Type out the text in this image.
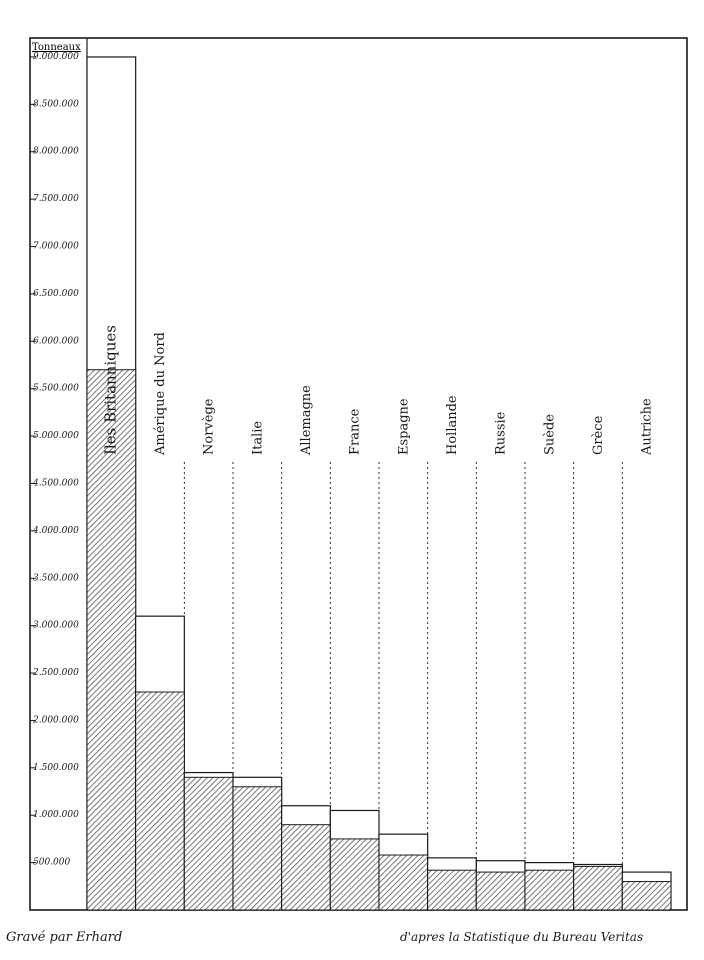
Tonneaux
9.000.000
8.500.000
8.000.000
7.500.000
7.000.000
6.500.000
6.000.000
5.500.000
5.000.000
4.500.000
4.000.000
3.500.000
3.000.000
2.500.000
2.000.000
1.500.000
1.000.000
500.000
Iles Britanniques	Amérique du Nord	Norvège	Italie	Allemagne	France	Espagne	Hollande	Russie	Suède	Grèce	Autriche
Gravé par Erhard	d'apres la Statistique du Bureau Veritas
